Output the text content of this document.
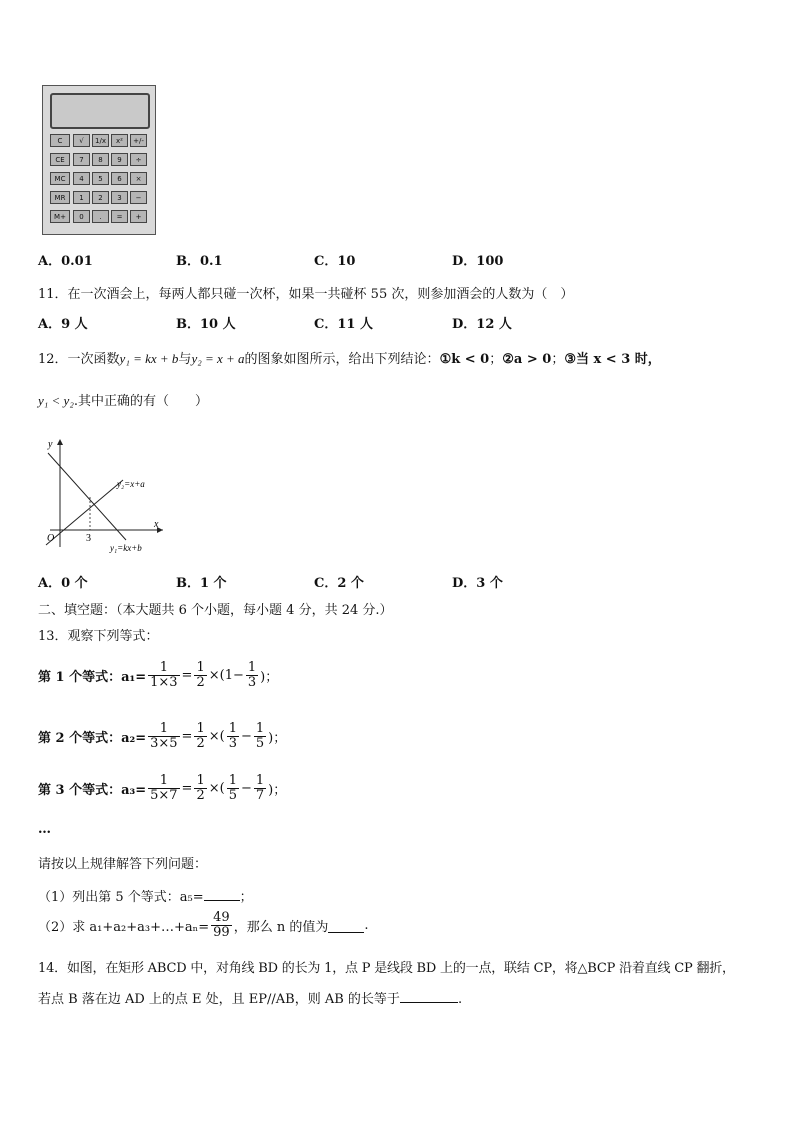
C	√	1/x	x²	+/-
CE	7	8	9	÷
MC	4	5	6	×
MR	1	2	3	−
M+	0	.	=	+
A．0.01	B．0.1	C．10	D．100
11．在一次酒会上，每两人都只碰一次杯，如果一共碰杯 55 次，则参加酒会的人数为（　）
A．9 人	B．10 人	C．11 人	D．12 人
12．一次函数y₁ = kx + b与y₂ = x + a的图象如图所示，给出下列结论：①k < 0；②a > 0；③当 x < 3 时，
y₁ < y₂.其中正确的有（　　）
y
x
O	3
y₂=x+a
y₁=kx+b
A．0 个	B．1 个	C．2 个	D．3 个
二、填空题：（本大题共 6 个小题，每小题 4 分，共 24 分.）
13．观察下列等式：
第 1 个等式：$a_1= \frac{1}{1\times 3} = \frac{1}{2} \times(1- \frac{1}{3}$ )；
第 2 个等式：$a_2= \frac{1}{3\times 5} = \frac{1}{2}$ ×( $\frac{1}{3} - \frac{1}{5}$ )；
第 3 个等式：$a_3= \frac{1}{5\times 7} = \frac{1}{2}$ ×( $\frac{1}{5} - \frac{1}{7}$ )；
…
请按以上规律解答下列问题：
（1）列出第 5 个等式：a₅=	；
（2）求 a₁+a₂+a₃+…+aₙ= $\frac{49}{99}$ ，那么 n 的值为	.
14．如图，在矩形 ABCD 中，对角线 BD 的长为 1，点 P 是线段 BD 上的一点，联结 CP，将△BCP 沿着直线 CP 翻折，
若点 B 落在边 AD 上的点 E 处，且 EP//AB，则 AB 的长等于	.
